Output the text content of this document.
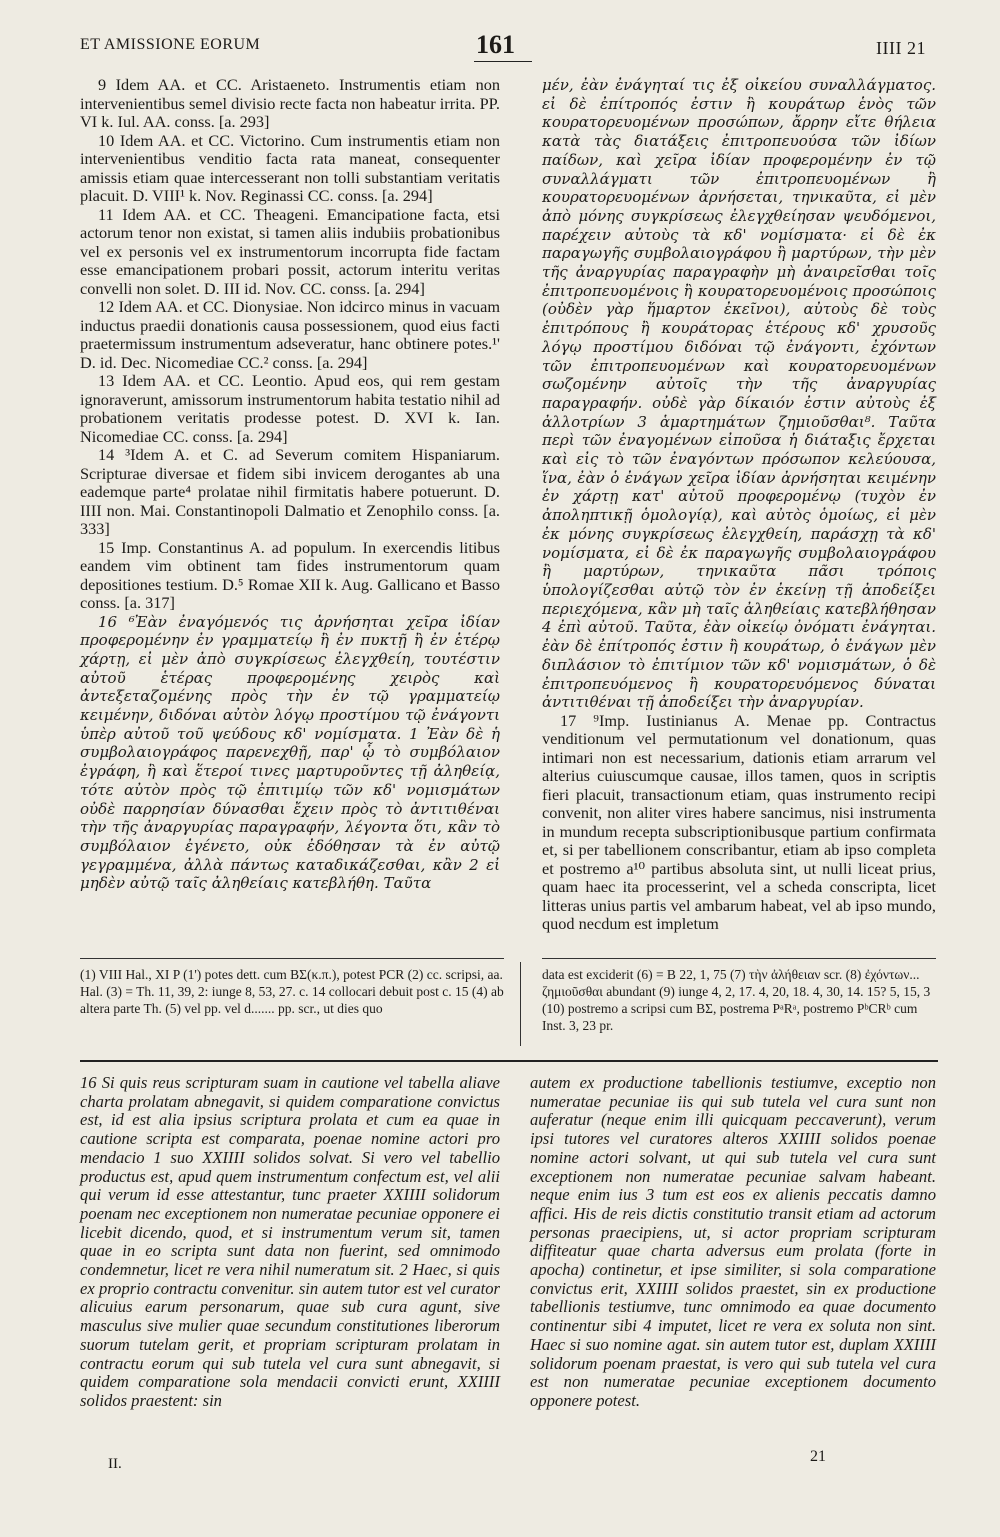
ET AMISSIONE EORUM	161	IIII 21

9 Idem AA. et CC. Aristaeneto. Instrumentis etiam non intervenientibus semel divisio recte facta non habeatur irrita. PP. VI k. Iul. AA. conss. [a. 293]

10 Idem AA. et CC. Victorino. Cum instrumentis etiam non intervenientibus venditio facta rata maneat, consequenter amissis etiam quae intercesserant non tolli substantiam veritatis placuit. D. VIII¹ k. Nov. Reginassi CC. conss. [a. 294]

11 Idem AA. et CC. Theageni. Emancipatione facta, etsi actorum tenor non existat, si tamen aliis indubiis probationibus vel ex personis vel ex instrumentorum incorrupta fide factam esse emancipationem probari possit, actorum interitu veritas convelli non solet. D. III id. Nov. CC. conss. [a. 294]

12 Idem AA. et CC. Dionysiae. Non idcirco minus in vacuam inductus praedii donationis causa possessionem, quod eius facti praetermissum instrumentum adseveratur, hanc obtinere potes.¹' D. id. Dec. Nicomediae CC.² conss. [a. 294]

13 Idem AA. et CC. Leontio. Apud eos, qui rem gestam ignoraverunt, amissorum instrumentorum habita testatio nihil ad probationem veritatis prodesse potest. D. XVI k. Ian. Nicomediae CC. conss. [a. 294]

14 ³Idem A. et C. ad Severum comitem Hispaniarum. Scripturae diversae et fidem sibi invicem derogantes ab una eademque parte⁴ prolatae nihil firmitatis habere potuerunt. D. IIII non. Mai. Constantinopoli Dalmatio et Zenophilo conss. [a. 333]

15 Imp. Constantinus A. ad populum. In exercendis litibus eandem vim obtinent tam fides instrumentorum quam depositiones testium. D.⁵ Romae XII k. Aug. Gallicano et Basso conss. [a. 317]

16 ⁶Ἐὰν ἐναγόμενός τις ἀρνήσηται χεῖρα ἰδίαν προφερομένην ἐν γραμματείῳ ἢ ἐν πυκτῇ ἢ ἐν ἑτέρῳ χάρτῃ, εἰ μὲν ἀπὸ συγκρίσεως ἐλεγχθείη, τουτέστιν αὐτοῦ ἑτέρας προφερομένης χειρὸς καὶ ἀντεξεταζομένης πρὸς τὴν ἐν τῷ γραμματείῳ κειμένην, διδόναι αὐτὸν λόγῳ προστίμου τῷ ἐνάγοντι ὑπὲρ αὐτοῦ τοῦ ψεύδους κδ' νομίσματα. 1 Ἐὰν δὲ ἡ συμβολαιογράφος παρενεχθῇ, παρ' ᾧ τὸ συμβόλαιον ἐγράφη, ἢ καὶ ἕτεροί τινες μαρτυροῦντες τῇ ἀληθείᾳ, τότε αὐτὸν πρὸς τῷ ἐπιτιμίῳ τῶν κδ' νομισμάτων οὐδὲ παρρησίαν δύνασθαι ἔχειν πρὸς τὸ ἀντιτιθέναι τὴν τῆς ἀναργυρίας παραγραφήν, λέγοντα ὅτι, κἂν τὸ συμβόλαιον ἐγένετο, οὐκ ἐδόθησαν τὰ ἐν αὐτῷ γεγραμμένα, ἀλλὰ πάντως καταδικάζεσθαι, κἂν 2 εἰ μηδὲν αὐτῷ ταῖς ἀληθείαις κατεβλήθη. Ταῦτα

μέν, ἐὰν ἐνάγηταί τις ἐξ οἰκείου συναλλάγματος. εἰ δὲ ἐπίτροπός ἐστιν ἢ κουράτωρ ἑνὸς τῶν κουρατορευομένων προσώπων, ἄρρην εἴτε θήλεια κατὰ τὰς διατάξεις ἐπιτροπευούσα τῶν ἰδίων παίδων, καὶ χεῖρα ἰδίαν προφερομένην ἐν τῷ συναλλάγματι τῶν ἐπιτροπευομένων ἢ κουρατορευομένων ἀρνήσεται, τηνικαῦτα, εἰ μὲν ἀπὸ μόνης συγκρίσεως ἐλεγχθείησαν ψευδόμενοι, παρέχειν αὐτοὺς τὰ κδ' νομίσματα· εἰ δὲ ἐκ παραγωγῆς συμβολαιογράφου ἢ μαρτύρων, τὴν μὲν τῆς ἀναργυρίας παραγραφὴν μὴ ἀναιρεῖσθαι τοῖς ἐπιτροπευομένοις ἢ κουρατορευομένοις προσώποις (οὐδὲν γὰρ ἥμαρτον ἐκεῖνοι), αὐτοὺς δὲ τοὺς ἐπιτρόπους ἢ κουράτορας ἑτέρους κδ' χρυσοῦς λόγῳ προστίμου διδόναι τῷ ἐνάγοντι, ἐχόντων τῶν ἐπιτροπευομένων καὶ κουρατορευομένων σωζομένην αὐτοῖς τὴν τῆς ἀναργυρίας παραγραφήν. οὐδὲ γὰρ δίκαιόν ἐστιν αὐτοὺς ἐξ ἀλλοτρίων 3 ἁμαρτημάτων ζημιοῦσθαι⁸. Ταῦτα περὶ τῶν ἐναγομένων εἰποῦσα ἡ διάταξις ἔρχεται καὶ εἰς τὸ τῶν ἐναγόντων πρόσωπον κελεύουσα, ἵνα, ἐὰν ὁ ἐνάγων χεῖρα ἰδίαν ἀρνήσηται κειμένην ἐν χάρτῃ κατ' αὐτοῦ προφερομένῳ (τυχὸν ἐν ἀποληπτικῇ ὁμολογίᾳ), καὶ αὐτὸς ὁμοίως, εἰ μὲν ἐκ μόνης συγκρίσεως ἐλεγχθείη, παράσχῃ τὰ κδ' νομίσματα, εἰ δὲ ἐκ παραγωγῆς συμβολαιογράφου ἢ μαρτύρων, τηνικαῦτα πᾶσι τρόποις ὑπολογίζεσθαι αὐτῷ τὸν ἐν ἐκείνῃ τῇ ἀποδείξει περιεχόμενα, κἂν μὴ ταῖς ἀληθείαις κατεβλήθησαν 4 ἐπὶ αὐτοῦ. Ταῦτα, ἐὰν οἰκείῳ ὀνόματι ἐνάγηται. ἐὰν δὲ ἐπίτροπός ἐστιν ἢ κουράτωρ, ὁ ἐνάγων μὲν διπλάσιον τὸ ἐπιτίμιον τῶν κδ' νομισμάτων, ὁ δὲ ἐπιτροπευόμενος ἢ κουρατορευόμενος δύναται ἀντιτιθέναι τῇ ἀποδείξει τὴν ἀναργυρίαν.

17 ⁹Imp. Iustinianus A. Menae pp. Contractus venditionum vel permutationum vel donationum, quas intimari non est necessarium, dationis etiam arrarum vel alterius cuiuscumque causae, illos tamen, quos in scriptis fieri placuit, transactionum etiam, quas instrumento recipi convenit, non aliter vires habere sancimus, nisi instrumenta in mundum recepta subscriptionibusque partium confirmata et, si per tabellionem conscribantur, etiam ab ipso completa et postremo a¹⁰ partibus absoluta sint, ut nulli liceat prius, quam haec ita processerint, vel a scheda conscripta, licet litteras unius partis vel ambarum habeat, vel ab ipso mundo, quod necdum est impletum

(1) VIII Hal., XI P (1') potes dett. cum BΣ(κ.π.), potest PCR (2) cc. scripsi, aa. Hal. (3) = Th. 11, 39, 2: iunge 8, 53, 27. c. 14 collocari debuit post c. 15 (4) ab altera parte Th. (5) vel pp. vel d....... pp. scr., ut dies quo
data est exciderit (6) = B 22, 1, 75 (7) τὴν ἀλήθειαν scr. (8) ἐχόντων... ζημιοῦσθαι abundant (9) iunge 4, 2, 17. 4, 20, 18. 4, 30, 14. 15? 5, 15, 3 (10) postremo a scripsi cum BΣ, postrema PᵃRᵃ, postremo PᵇCRᵇ cum Inst. 3, 23 pr.

16 Si quis reus scripturam suam in cautione vel tabella aliave charta prolatam abnegavit, si quidem comparatione convictus est, id est alia ipsius scriptura prolata et cum ea quae in cautione scripta est comparata, poenae nomine actori pro mendacio 1 suo XXIIII solidos solvat. Si vero vel tabellio productus est, apud quem instrumentum confectum est, vel alii qui verum id esse attestantur, tunc praeter XXIIII solidorum poenam nec exceptionem non numeratae pecuniae opponere ei licebit dicendo, quod, et si instrumentum verum sit, tamen quae in eo scripta sunt data non fuerint, sed omnimodo condemnetur, licet re vera nihil numeratum sit. 2 Haec, si quis ex proprio contractu convenitur. sin autem tutor est vel curator alicuius earum personarum, quae sub cura agunt, sive masculus sive mulier quae secundum constitutiones liberorum suorum tutelam gerit, et propriam scripturam prolatam in contractu eorum qui sub tutela vel cura sunt abnegavit, si quidem comparatione sola mendacii convicti erunt, XXIIII solidos praestent: sin

autem ex productione tabellionis testiumve, exceptio non numeratae pecuniae iis qui sub tutela vel cura sunt non auferatur (neque enim illi quicquam peccaverunt), verum ipsi tutores vel curatores alteros XXIIII solidos poenae nomine actori solvant, ut qui sub tutela vel cura sunt exceptionem non numeratae pecuniae salvam habeant. neque enim ius 3 tum est eos ex alienis peccatis damno affici. His de reis dictis constitutio transit etiam ad actorum personas praecipiens, ut, si actor propriam scripturam diffiteatur quae charta adversus eum prolata (forte in apocha) continetur, et ipse similiter, si sola comparatione convictus erit, XXIIII solidos praestet, sin ex productione tabellionis testiumve, tunc omnimodo ea quae documento continentur sibi 4 imputet, licet re vera ex soluta non sint. Haec si suo nomine agat. sin autem tutor est, duplam XXIIII solidorum poenam praestat, is vero qui sub tutela vel cura est non numeratae pecuniae exceptionem documento opponere potest.

II.	21
